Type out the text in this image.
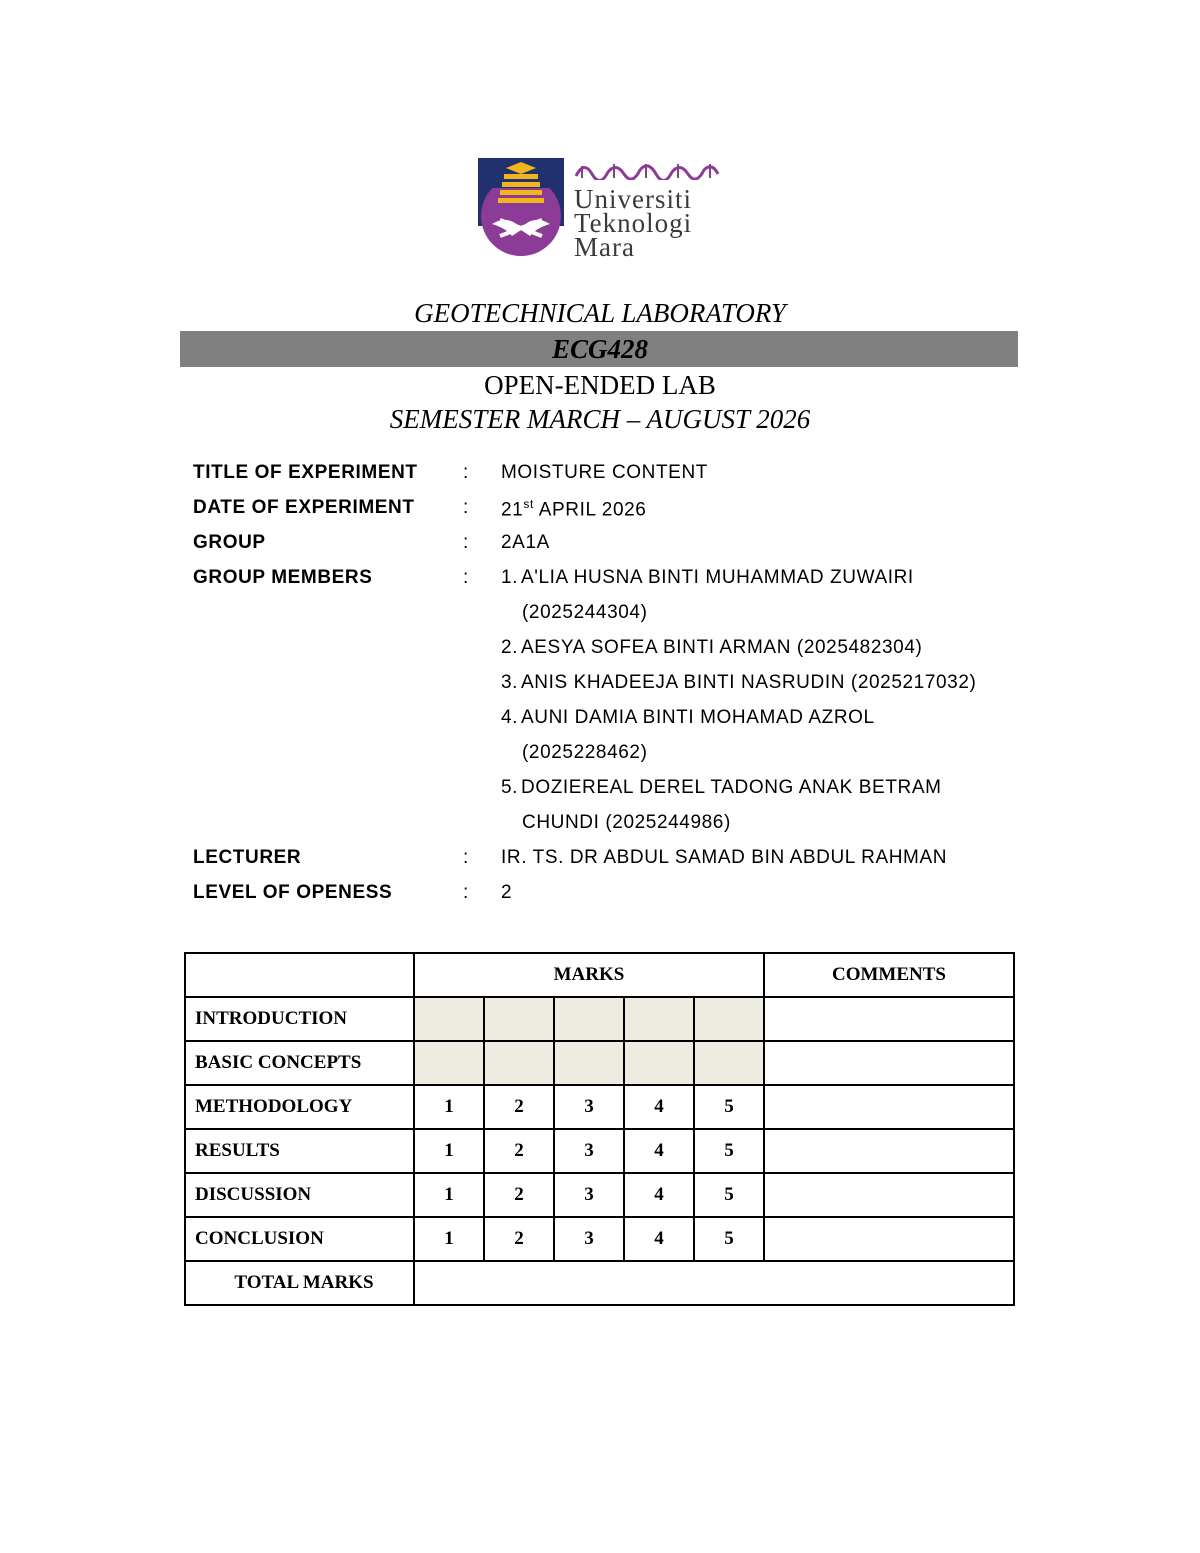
Universiti
Teknologi
Mara
GEOTECHNICAL LABORATORY
ECG428
OPEN-ENDED LAB
SEMESTER MARCH – AUGUST 2026
TITLE OF EXPERIMENT : MOISTURE CONTENT
DATE OF EXPERIMENT	: 21st APRIL 2026
GROUP	: 2A1A
GROUP MEMBERS	: 1. A'LIA HUSNA BINTI MUHAMMAD ZUWAIRI
(2025244304)
2. AESYA SOFEA BINTI ARMAN (2025482304)
3. ANIS KHADEEJA BINTI NASRUDIN (2025217032)
4. AUNI DAMIA BINTI MOHAMAD AZROL
(2025228462)
5. DOZIEREAL DEREL TADONG ANAK BETRAM
CHUNDI (2025244986)
LECTURER	: IR. TS. DR ABDUL SAMAD BIN ABDUL RAHMAN
LEVEL OF OPENESS	: 2
	MARKS					COMMENTS
INTRODUCTION						
BASIC CONCEPTS						
METHODOLOGY	1	2	3	4	5	
RESULTS	1	2	3	4	5	
DISCUSSION	1	2	3	4	5	
CONCLUSION	1	2	3	4	5	
TOTAL MARKS						
